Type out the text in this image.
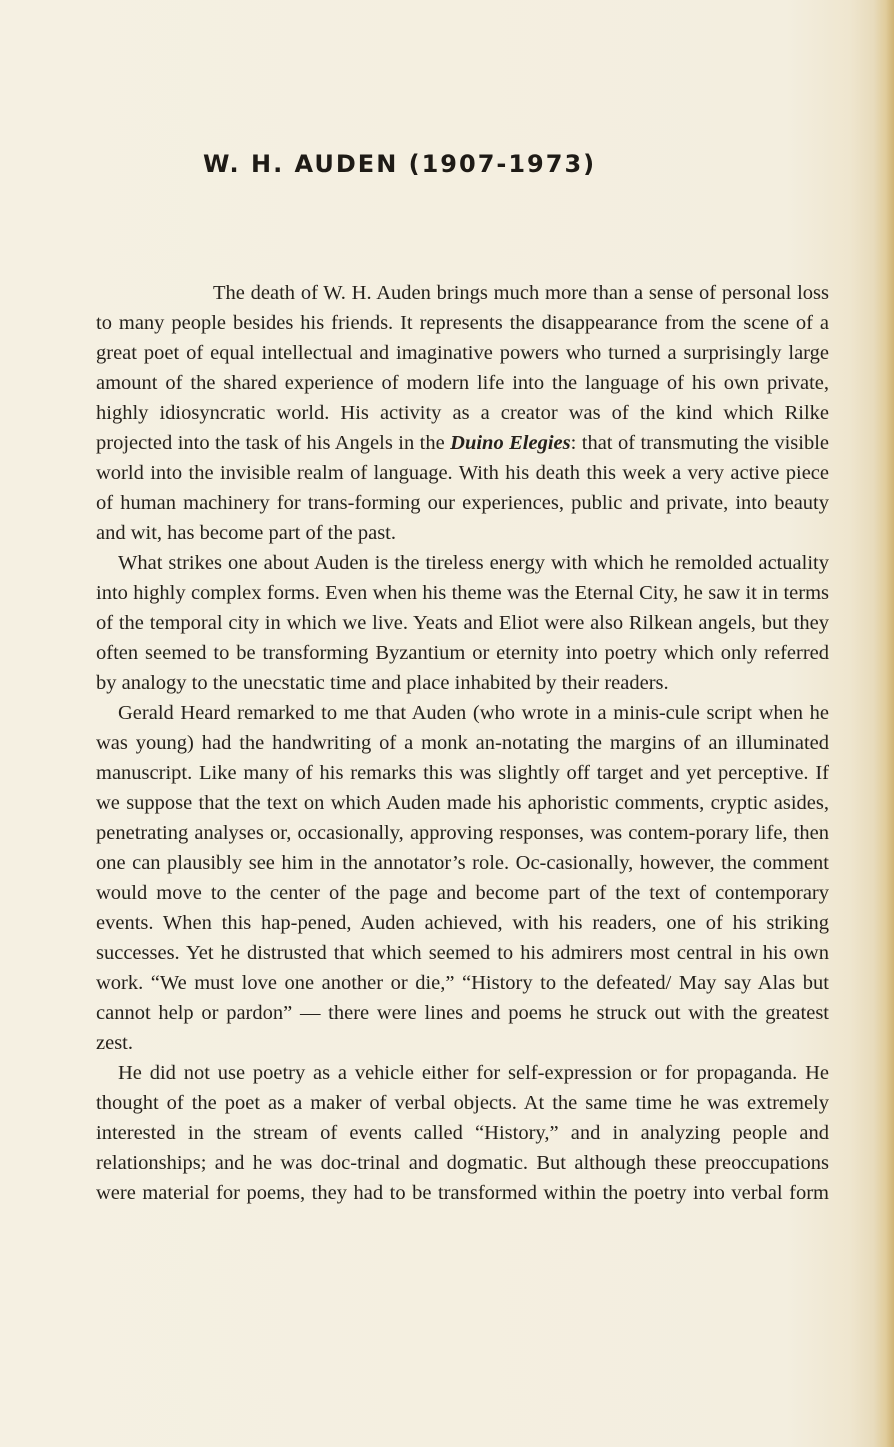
W. H. AUDEN (1907-1973)

The death of W. H. Auden brings much more than a sense of personal loss to many people besides his friends. It represents the disappearance from the scene of a great poet of equal intellectual and imaginative powers who turned a surprisingly large amount of the shared experience of modern life into the language of his own private, highly idiosyncratic world. His activity as a creator was of the kind which Rilke projected into the task of his Angels in the Duino Elegies: that of transmuting the visible world into the invisible realm of language. With his death this week a very active piece of human machinery for trans-forming our experiences, public and private, into beauty and wit, has become part of the past.

What strikes one about Auden is the tireless energy with which he remolded actuality into highly complex forms. Even when his theme was the Eternal City, he saw it in terms of the temporal city in which we live. Yeats and Eliot were also Rilkean angels, but they often seemed to be transforming Byzantium or eternity into poetry which only referred by analogy to the unecstatic time and place inhabited by their readers.

Gerald Heard remarked to me that Auden (who wrote in a minis-cule script when he was young) had the handwriting of a monk an-notating the margins of an illuminated manuscript. Like many of his remarks this was slightly off target and yet perceptive. If we suppose that the text on which Auden made his aphoristic comments, cryptic asides, penetrating analyses or, occasionally, approving responses, was contem-porary life, then one can plausibly see him in the annotator’s role. Oc-casionally, however, the comment would move to the center of the page and become part of the text of contemporary events. When this hap-pened, Auden achieved, with his readers, one of his striking successes. Yet he distrusted that which seemed to his admirers most central in his own work. “We must love one another or die,” “History to the defeated/ May say Alas but cannot help or pardon” — there were lines and poems he struck out with the greatest zest.

He did not use poetry as a vehicle either for self-expression or for propaganda. He thought of the poet as a maker of verbal objects. At the same time he was extremely interested in the stream of events called “History,” and in analyzing people and relationships; and he was doc-trinal and dogmatic. But although these preoccupations were material for poems, they had to be transformed within the poetry into verbal form
